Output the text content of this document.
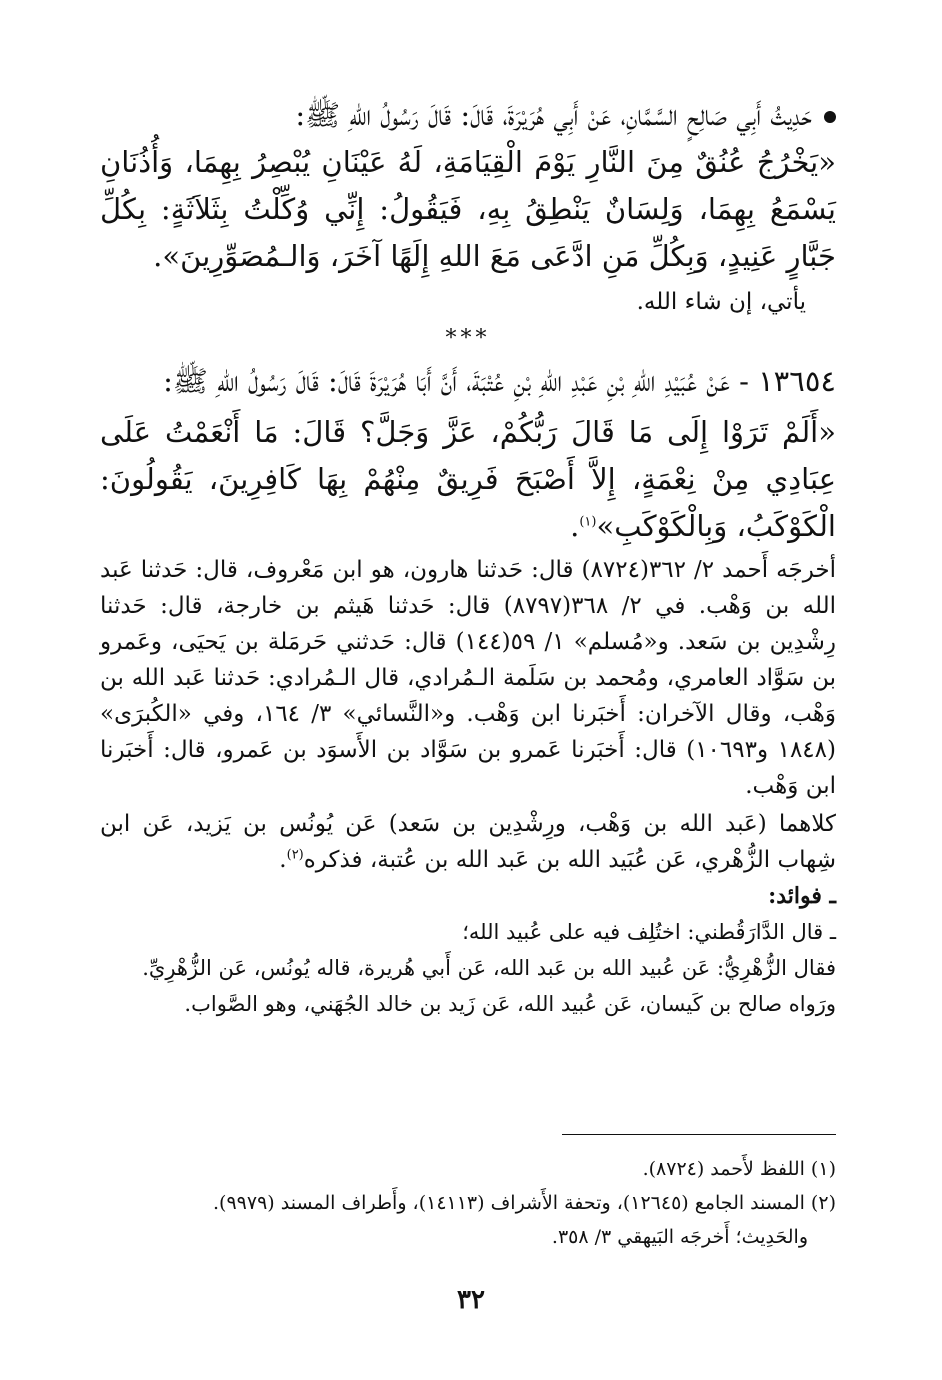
حَدِيثُ أَبِي صَالِحٍ السَّمَّانِ، عَنْ أَبِي هُرَيْرَةَ، قَالَ: قَالَ رَسُولُ اللهِ ﷺ:

«يَخْرُجُ عُنُقٌ مِنَ النَّارِ يَوْمَ الْقِيَامَةِ، لَهُ عَيْنَانِ يُبْصِرُ بِهِمَا، وَأُذُنَانِ يَسْمَعُ بِهِمَا، وَلِسَانٌ يَنْطِقُ بِهِ، فَيَقُولُ: إِنِّي وُكِّلْتُ بِثَلاَثَةٍ: بِكُلِّ جَبَّارٍ عَنِيدٍ، وَبِكُلِّ مَنِ ادَّعَى مَعَ اللهِ إِلَهًا آخَرَ، وَالـمُصَوِّرِينَ».

يأتي، إن شاء الله.

***

١٣٦٥٤ - عَنْ عُبَيْدِ اللهِ بْنِ عَبْدِ اللهِ بْنِ عُتْبَةَ، أَنَّ أَبَا هُرَيْرَةَ قَالَ: قَالَ رَسُولُ اللهِ ﷺ:

«أَلَمْ تَرَوْا إِلَى مَا قَالَ رَبُّكُمْ، عَزَّ وَجَلَّ؟ قَالَ: مَا أَنْعَمْتُ عَلَى عِبَادِي مِنْ نِعْمَةٍ، إِلاَّ أَصْبَحَ فَرِيقٌ مِنْهُمْ بِهَا كَافِرِينَ، يَقُولُونَ: الْكَوْكَبُ، وَبِالْكَوْكَبِ»$^{(١)}$.

أخرجَه أَحمد ٢/ ٣٦٢(٨٧٢٤) قال: حَدثنا هارون، هو ابن مَعْروف، قال: حَدثنا عَبد الله بن وَهْب. في ٢/ ٣٦٨(٨٧٩٧) قال: حَدثنا هَيثم بن خارجة، قال: حَدثنا رِشْدِين بن سَعد. و«مُسلم» ١/ ٥٩(١٤٤) قال: حَدثني حَرمَلة بن يَحيَى، وعَمرو بن سَوَّاد العامري، ومُحمد بن سَلَمة الـمُرادي، قال الـمُرادي: حَدثنا عَبد الله بن وَهْب، وقال الآخران: أَخبَرنا ابن وَهْب. و«النَّسائي» ٣/ ١٦٤، وفي «الكُبرَى» (١٨٤٨ و١٠٦٩٣) قال: أَخبَرنا عَمرو بن سَوَّاد بن الأَسوَد بن عَمرو، قال: أَخبَرنا ابن وَهْب.

كلاهما (عَبد الله بن وَهْب، ورِشْدِين بن سَعد) عَن يُونُس بن يَزيد، عَن ابن شِهاب الزُّهْري، عَن عُبَيد الله بن عَبد الله بن عُتبة، فذكره$^{(٢)}$.

ـ فوائد:

ـ قال الدَّارَقُطني: اختُلِف فيه على عُبيد الله؛

فقال الزُّهْرِيُّ: عَن عُبيد الله بن عَبد الله، عَن أَبي هُريرة، قاله يُونُس، عَن الزُّهْرِيِّ.

ورَواه صالح بن كَيسان، عَن عُبيد الله، عَن زَيد بن خالد الجُهَني، وهو الصَّواب.

(١) اللفظ لأَحمد (٨٧٢٤).
(٢) المسند الجامع (١٢٦٤٥)، وتحفة الأَشراف (١٤١١٣)، وأَطراف المسند (٩٩٧٩).
والحَدِيث؛ أَخرجَه البَيهقي ٣/ ٣٥٨.
٣٢
